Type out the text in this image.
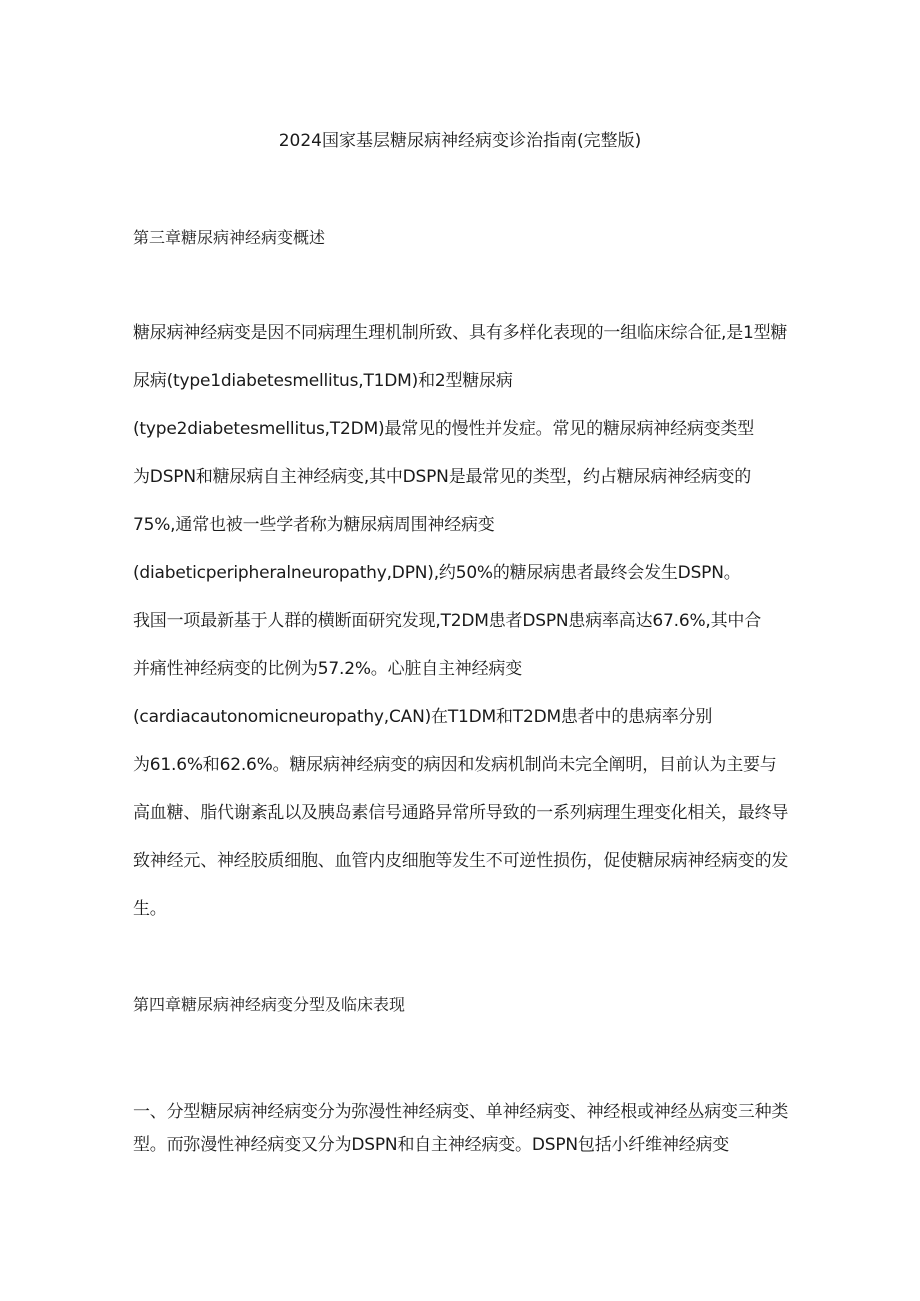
2024国家基层糖尿病神经病变诊治指南(完整版)
第三章糖尿病神经病变概述
糖尿病神经病变是因不同病理生理机制所致、具有多样化表现的一组临床综合征,是1型糖
尿病(type1diabetesmellitus,T1DM)和2型糖尿病
(type2diabetesmellitus,T2DM)最常见的慢性并发症。常见的糖尿病神经病变类型
为DSPN和糖尿病自主神经病变,其中DSPN是最常见的类型，约占糖尿病神经病变的
75%,通常也被一些学者称为糖尿病周围神经病变
(diabeticperipheralneuropathy,DPN),约50%的糖尿病患者最终会发生DSPN。
我国一项最新基于人群的横断面研究发现,T2DM患者DSPN患病率高达67.6%,其中合
并痛性神经病变的比例为57.2%。心脏自主神经病变
(cardiacautonomicneuropathy,CAN)在T1DM和T2DM患者中的患病率分别
为61.6%和62.6%。糖尿病神经病变的病因和发病机制尚未完全阐明，目前认为主要与
高血糖、脂代谢紊乱以及胰岛素信号通路异常所导致的一系列病理生理变化相关，最终导
致神经元、神经胶质细胞、血管内皮细胞等发生不可逆性损伤，促使糖尿病神经病变的发
生。
第四章糖尿病神经病变分型及临床表现
一、分型糖尿病神经病变分为弥漫性神经病变、单神经病变、神经根或神经丛病变三种类
型。而弥漫性神经病变又分为DSPN和自主神经病变。DSPN包括小纤维神经病变
